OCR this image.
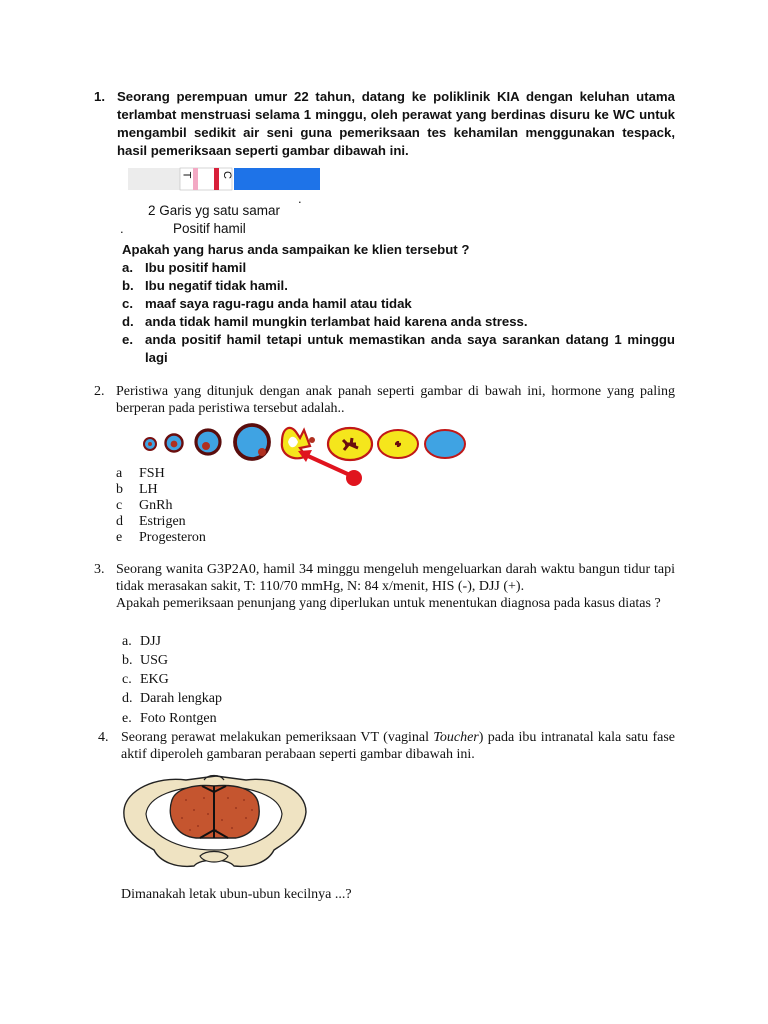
1. Seorang perempuan umur 22 tahun, datang ke poliklinik KIA dengan keluhan utama terlambat menstruasi selama 1 minggu, oleh perawat yang berdinas disuru ke WC untuk mengambil sedikit air seni guna pemeriksaan tes kehamilan menggunakan tespack, hasil pemeriksaan seperti gambar dibawah ini.
T	C
.
2 Garis yg satu samar
.	Positif hamil
Apakah yang harus anda sampaikan ke klien tersebut ?
a. Ibu positif hamil
b. Ibu negatif tidak hamil.
c. maaf saya ragu-ragu anda hamil atau tidak
d. anda tidak hamil mungkin terlambat haid karena anda stress.
e. anda positif hamil tetapi untuk memastikan anda saya sarankan datang 1 minggu lagi
2. Peristiwa yang ditunjuk dengan anak panah seperti gambar di bawah ini, hormone yang paling berperan pada peristiwa tersebut adalah..
a FSH
b LH
c GnRh
d Estrigen
e Progesteron
3. Seorang wanita G3P2A0, hamil 34 minggu mengeluh mengeluarkan darah waktu bangun tidur tapi tidak merasakan sakit, T: 110/70 mmHg, N: 84 x/menit, HIS (-), DJJ (+).
Apakah pemeriksaan penunjang yang diperlukan untuk menentukan diagnosa pada kasus diatas ?
a. DJJ
b. USG
c. EKG
d. Darah lengkap
e. Foto Rontgen
4. Seorang perawat melakukan pemeriksaan VT (vaginal Toucher) pada ibu intranatal kala satu fase aktif diperoleh gambaran perabaan seperti gambar dibawah ini.
Dimanakah letak ubun-ubun kecilnya ...?
